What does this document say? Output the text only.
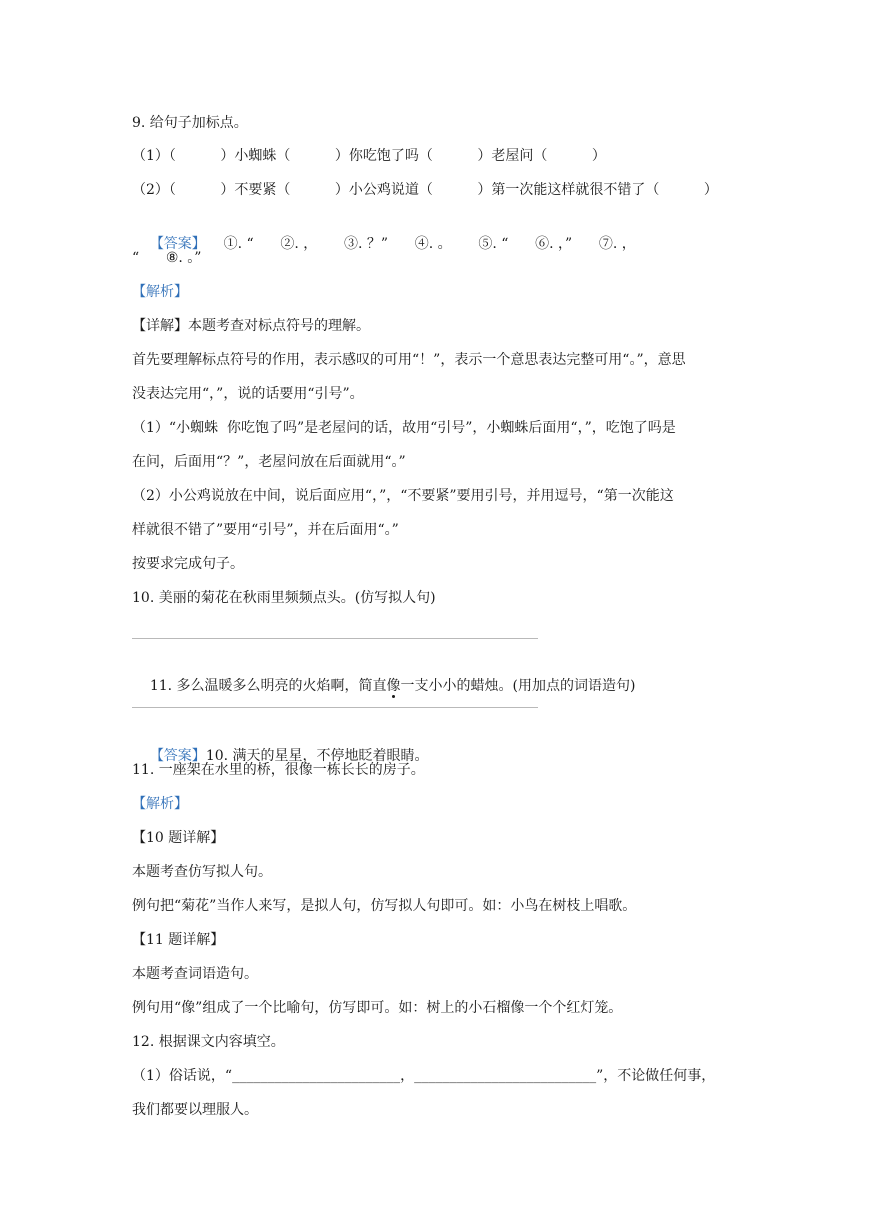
9. 给句子加标点。
（1）（          ）小蜘蛛（          ）你吃饱了吗（          ）老屋问（          ）
（2）（          ）不要紧（          ）小公鸡说道（          ）第一次能这样就很不错了（          ）

【答案】    ①. “      ②. ，      ③. ？”      ④. 。      ⑤. “      ⑥. ，”      ⑦. ，

“      ⑧. 。”
【解析】
【详解】本题考查对标点符号的理解。
首先要理解标点符号的作用，表示感叹的可用“！”，表示一个意思表达完整可用“。”，意思
没表达完用“，”，说的话要用“引号”。
（1）“小蜘蛛  你吃饱了吗”是老屋问的话，故用“引号”，小蜘蛛后面用“，”，吃饱了吗是
在问，后面用“？”，老屋问放在后面就用“。”
（2）小公鸡说放在中间，说后面应用“，”，“不要紧”要用引号，并用逗号，“第一次能这
样就很不错了”要用“引号”，并在后面用“。”
按要求完成句子。
10. 美丽的菊花在秋雨里频频点头。(仿写拟人句)

11. 多么温暖多么明亮的火焰啊，简直像一支小小的蜡烛。(用加点的词语造句)

【答案】10. 满天的星星，不停地眨着眼睛。

11. 一座架在水里的桥，很像一栋长长的房子。
【解析】
【10 题详解】
本题考查仿写拟人句。
例句把“菊花”当作人来写，是拟人句，仿写拟人句即可。如：小鸟在树枝上唱歌。
【11 题详解】
本题考查词语造句。
例句用“像”组成了一个比喻句，仿写即可。如：树上的小石榴像一个个红灯笼。
12. 根据课文内容填空。
（1）俗话说，“________________________，__________________________”，不论做任何事，
我们都要以理服人。
